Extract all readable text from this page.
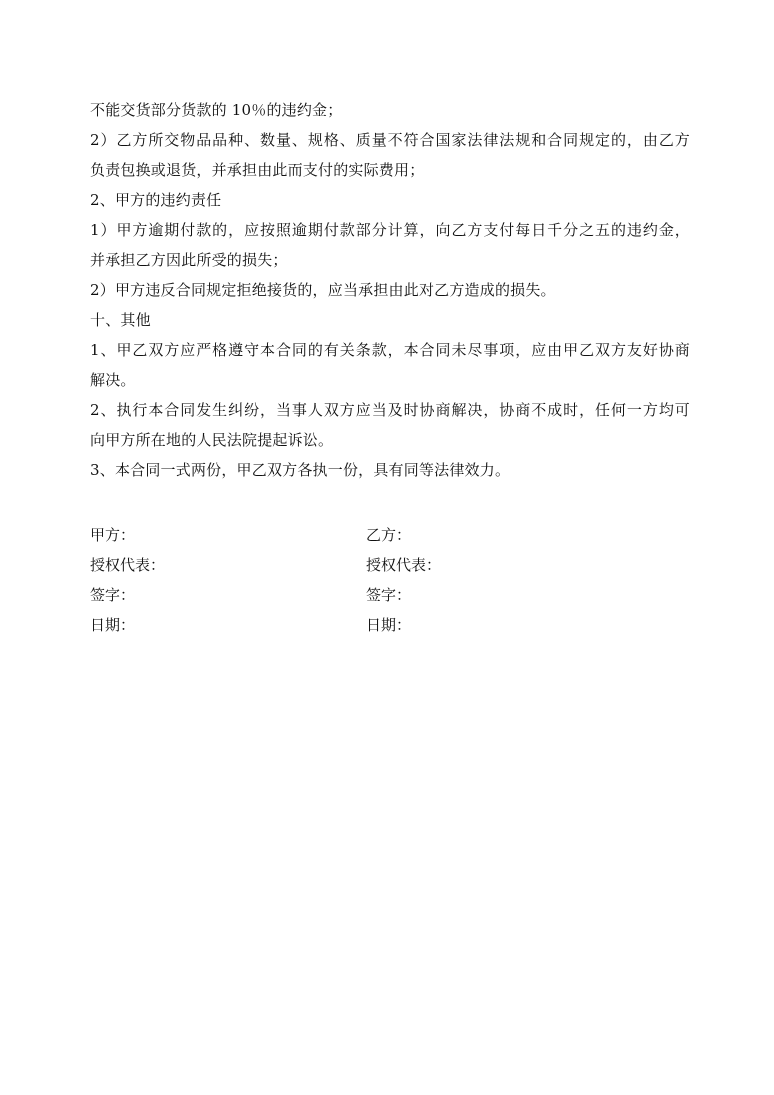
不能交货部分货款的 10％的违约金；
2）乙方所交物品品种、数量、规格、质量不符合国家法律法规和合同规定的，由乙方
负责包换或退货，并承担由此而支付的实际费用；
2、甲方的违约责任
1）甲方逾期付款的，应按照逾期付款部分计算，向乙方支付每日千分之五的违约金，
并承担乙方因此所受的损失；
2）甲方违反合同规定拒绝接货的，应当承担由此对乙方造成的损失。
十、其他
1、甲乙双方应严格遵守本合同的有关条款，本合同未尽事项，应由甲乙双方友好协商
解决。
2、执行本合同发生纠纷，当事人双方应当及时协商解决，协商不成时，任何一方均可
向甲方所在地的人民法院提起诉讼。
3、本合同一式两份，甲乙双方各执一份，具有同等法律效力。
甲方：	乙方：
授权代表：	授权代表：
签字：	签字：
日期：	日期：
